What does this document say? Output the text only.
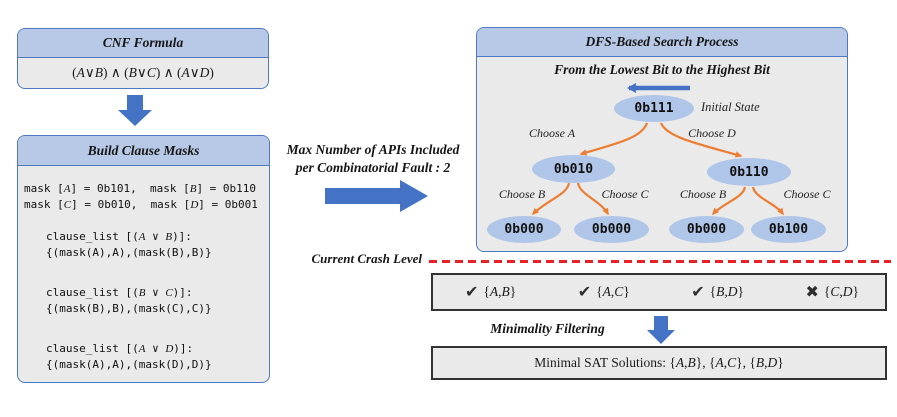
CNF Formula
( A ∨ B ) ∧ ( B ∨ C ) ∧ ( A ∨ D )
Build Clause Masks
mask [A] = 0b101,  mask [B] = 0b110
mask [C] = 0b010,  mask [D] = 0b001
clause_list [(A ∨ B)]:
{(mask(A),A),(mask(B),B)}
clause_list [(B ∨ C)]:
{(mask(B),B),(mask(C),C)}
clause_list [(A ∨ D)]:
{(mask(A),A),(mask(D),D)}
Max Number of APIs Included
per Combinatorial Fault : 2
DFS-Based Search Process
From the Lowest Bit to the Highest Bit
0b111	Initial State
0b010	0b110
0b000	0b000	0b000	0b100
Choose A	Choose D
Choose B	Choose C	Choose B	Choose C
Current Crash Level
✔ {A,B}	✔ {A,C}	✔ {B,D}	✖ {C,D}
Minimality Filtering
Minimal SAT Solutions: { A , B }, { A , C }, { B , D }
